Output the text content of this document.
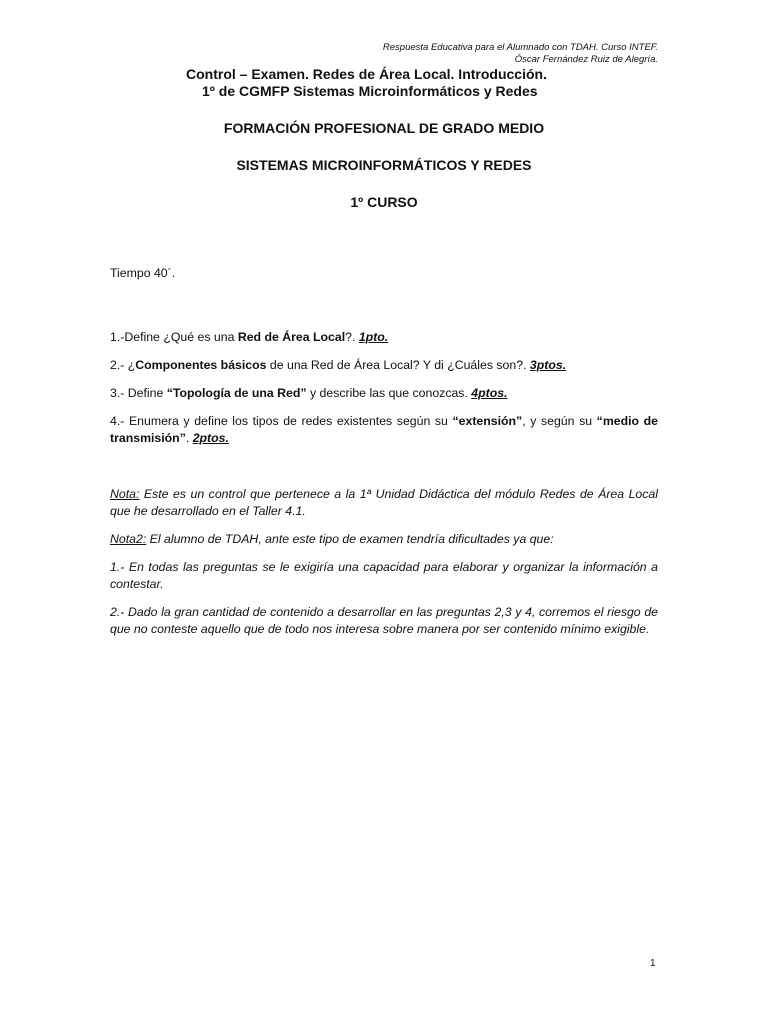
Respuesta Educativa para el Alumnado con TDAH. Curso INTEF.
Óscar Fernández Ruiz de Alegría.
Control – Examen. Redes de Área Local. Introducción.
1º de CGMFP Sistemas Microinformáticos y Redes
FORMACIÓN PROFESIONAL DE GRADO MEDIO
SISTEMAS MICROINFORMÁTICOS Y REDES
1º CURSO
Tiempo 40´.
1.-Define ¿Qué es una Red de Área Local?. 1pto.
2.- ¿Componentes básicos de una Red de Área Local? Y di ¿Cuáles son?. 3ptos.
3.- Define “Topología de una Red” y describe las que conozcas. 4ptos.
4.- Enumera y define los tipos de redes existentes según su “extensión”, y según su “medio de transmisión”. 2ptos.
Nota: Este es un control que pertenece a la 1ª Unidad Didáctica del módulo Redes de Área Local que he desarrollado en el Taller 4.1.
Nota2: El alumno de TDAH, ante este tipo de examen tendría dificultades ya que:
1.- En todas las preguntas se le exigiría una capacidad para elaborar y organizar la información a contestar.
2.- Dado la gran cantidad de contenido a desarrollar en las preguntas 2,3 y 4, corremos el riesgo de que no conteste aquello que de todo nos interesa sobre manera por ser contenido mínimo exigible.
1
